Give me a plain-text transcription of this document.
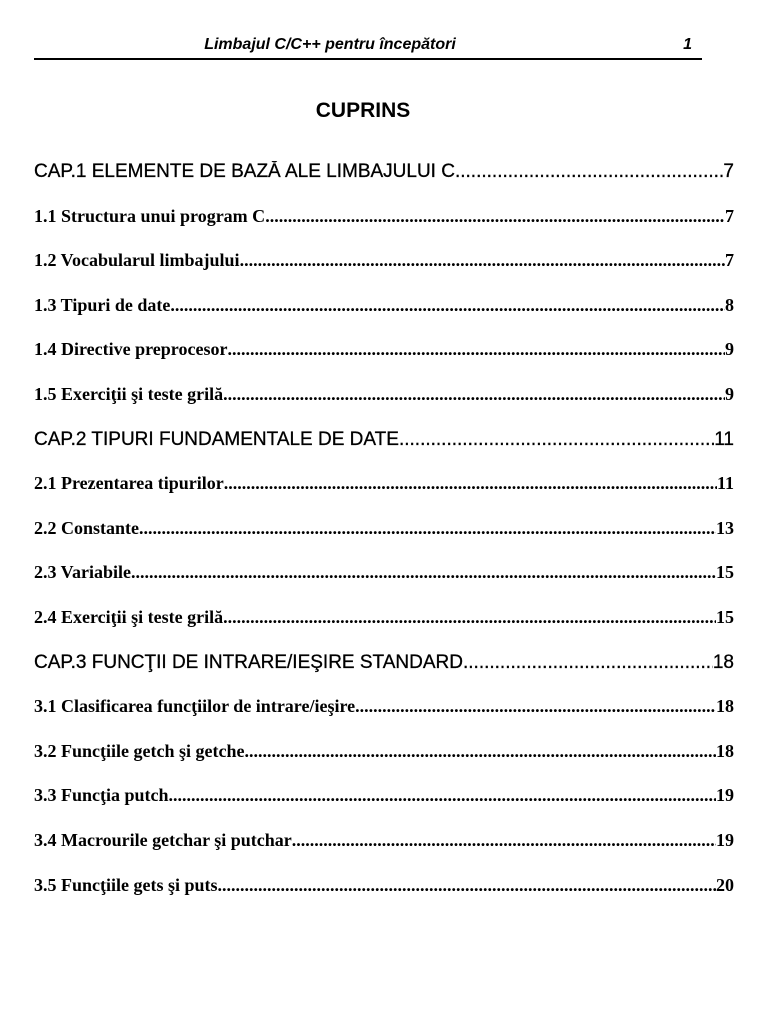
Limbajul C/C++ pentru începători	1
CUPRINS
CAP.1 ELEMENTE DE BAZĂ ALE LIMBAJULUI C .....	7
1.1 Structura unui program C .....	7
1.2 Vocabularul limbajului .....	7
1.3 Tipuri de date .....	8
1.4 Directive preprocesor .....	9
1.5 Exerciţii şi teste grilă .....	9
CAP.2 TIPURI FUNDAMENTALE DE DATE .....	11
2.1 Prezentarea tipurilor .....	11
2.2 Constante .....	13
2.3 Variabile .....	15
2.4 Exerciţii şi teste grilă .....	15
CAP.3 FUNCŢII DE INTRARE/IEŞIRE STANDARD .....	18
3.1 Clasificarea funcţiilor de intrare/ieşire .....	18
3.2 Funcţiile getch şi getche .....	18
3.3 Funcţia putch .....	19
3.4 Macrourile getchar şi putchar .....	19
3.5 Funcţiile gets şi puts .....	20
